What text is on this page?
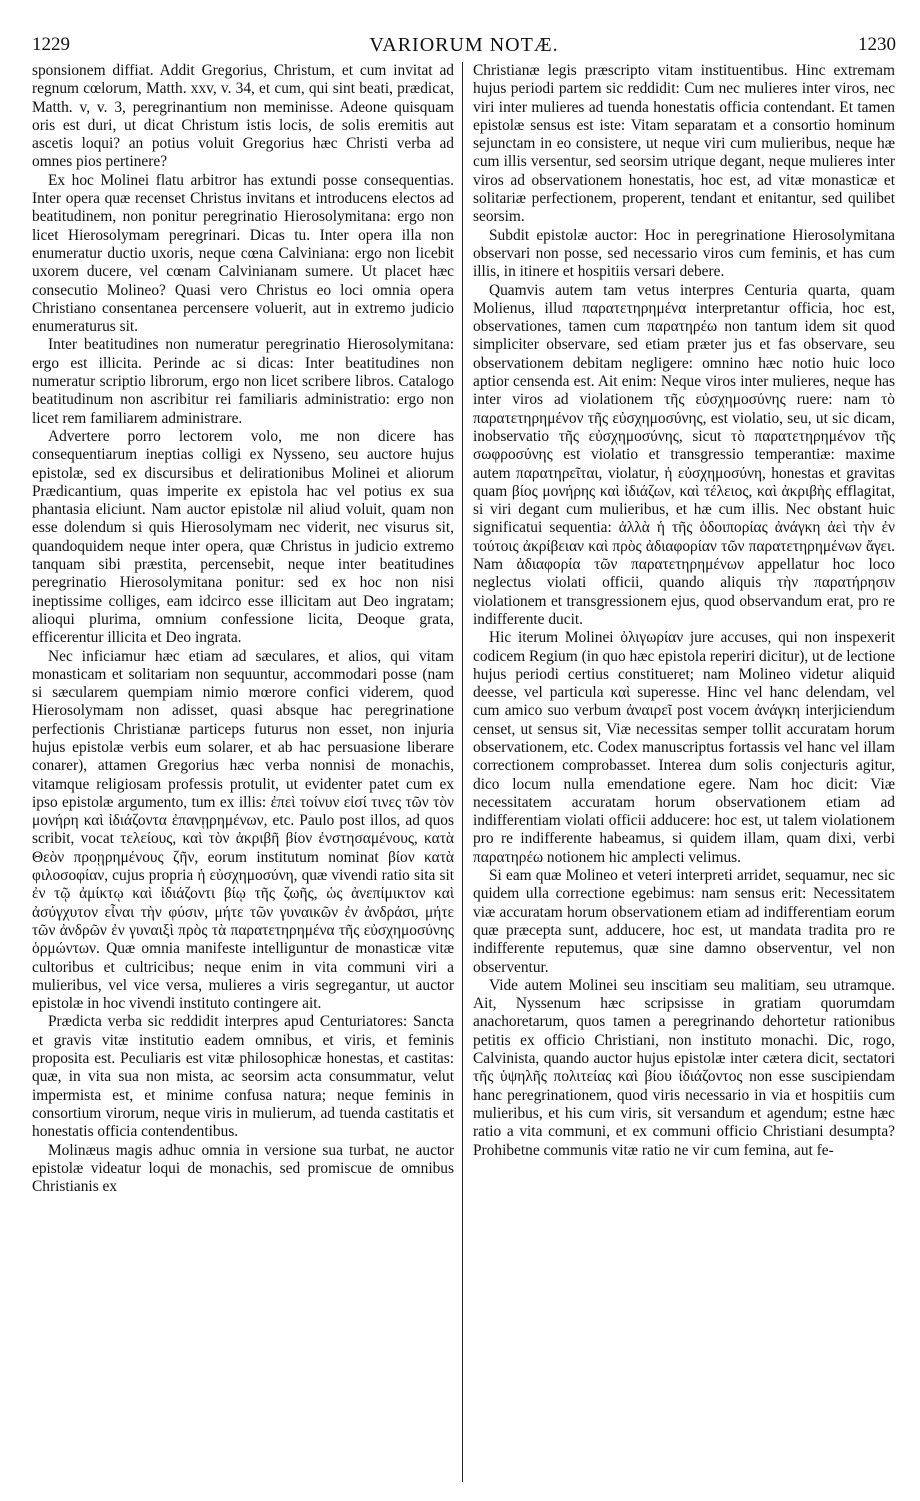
1229	VARIORUM NOTÆ.	1230

sponsionem diffiat. Addit Gregorius, Christum, et cum invitat ad regnum cœlorum, Matth. xxv, v. 34, et cum, qui sint beati, prædicat, Matth. v, v. 3, peregrinantium non meminisse. Adeone quisquam oris est duri, ut dicat Christum istis locis, de solis eremitis aut ascetis loqui? an potius voluit Gregorius hæc Christi verba ad omnes pios pertinere?

Ex hoc Molinei flatu arbitror has extundi posse consequentias. Inter opera quæ recenset Christus invitans et introducens electos ad beatitudinem, non ponitur peregrinatio Hierosolymitana: ergo non licet Hierosolymam peregrinari. Dicas tu. Inter opera illa non enumeratur ductio uxoris, neque cœna Calviniana: ergo non licebit uxorem ducere, vel cœnam Calvinianam sumere. Ut placet hæc consecutio Molineo? Quasi vero Christus eo loci omnia opera Christiano consentanea percensere voluerit, aut in extremo judicio enumeraturus sit.

Inter beatitudines non numeratur peregrinatio Hierosolymitana: ergo est illicita. Perinde ac si dicas: Inter beatitudines non numeratur scriptio librorum, ergo non licet scribere libros. Catalogo beatitudinum non ascribitur rei familiaris administratio: ergo non licet rem familiarem administrare.

Advertere porro lectorem volo, me non dicere has consequentiarum ineptias colligi ex Nysseno, seu auctore hujus epistolæ, sed ex discursibus et delirationibus Molinei et aliorum Prædicantium, quas imperite ex epistola hac vel potius ex sua phantasia eliciunt. Nam auctor epistolæ nil aliud voluit, quam non esse dolendum si quis Hierosolymam nec viderit, nec visurus sit, quandoquidem neque inter opera, quæ Christus in judicio extremo tanquam sibi præstita, percensebit, neque inter beatitudines peregrinatio Hierosolymitana ponitur: sed ex hoc non nisi ineptissime colliges, eam idcirco esse illicitam aut Deo ingratam; alioqui plurima, omnium confessione licita, Deoque grata, efficerentur illicita et Deo ingrata.

Nec inficiamur hæc etiam ad sæculares, et alios, qui vitam monasticam et solitariam non sequuntur, accommodari posse (nam si sæcularem quempiam nimio mœrore confici viderem, quod Hierosolymam non adisset, quasi absque hac peregrinatione perfectionis Christianæ particeps futurus non esset, non injuria hujus epistolæ verbis eum solarer, et ab hac persuasione liberare conarer), attamen Gregorius hæc verba nonnisi de monachis, vitamque religiosam professis protulit, ut evidenter patet cum ex ipso epistolæ argumento, tum ex illis: ἐπεὶ τοίνυν εἰσί τινες τῶν τὸν μονήρη καὶ ἰδιάζοντα ἐπανῃρημένων, etc. Paulo post illos, ad quos scribit, vocat τελείους, καὶ τὸν ἀκριβῆ βίον ἐνστησαμένους, κατὰ Θεὸν προῃρημένους ζῆν, eorum institutum nominat βίον κατὰ φιλοσοφίαν, cujus propria ἡ εὐσχημοσύνη, quæ vivendi ratio sita sit ἐν τῷ ἀμίκτῳ καὶ ἰδιάζοντι βίῳ τῆς ζωῆς, ὡς ἀνεπίμικτον καὶ ἀσύγχυτον εἶναι τὴν φύσιν, μήτε τῶν γυναικῶν ἐν ἀνδράσι, μήτε τῶν ἀνδρῶν ἐν γυναιξὶ πρὸς τὰ παρατετηρημένα τῆς εὐσχημοσύνης ὁρμώντων. Quæ omnia manifeste intelliguntur de monasticæ vitæ cultoribus et cultricibus; neque enim in vita communi viri a mulieribus, vel vice versa, mulieres a viris segregantur, ut auctor epistolæ in hoc vivendi instituto contingere ait.

Prædicta verba sic reddidit interpres apud Centuriatores: Sancta et gravis vitæ institutio eadem omnibus, et viris, et feminis proposita est. Peculiaris est vitæ philosophicæ honestas, et castitas: quæ, in vita sua non mista, ac seorsim acta consummatur, velut impermista est, et minime confusa natura; neque feminis in consortium virorum, neque viris in mulierum, ad tuenda castitatis et honestatis officia contendentibus.

Molinæus magis adhuc omnia in versione sua turbat, ne auctor epistolæ videatur loqui de monachis, sed promiscue de omnibus Christianis ex

Christianæ legis præscripto vitam instituentibus. Hinc extremam hujus periodi partem sic reddidit: Cum nec mulieres inter viros, nec viri inter mulieres ad tuenda honestatis officia contendant. Et tamen epistolæ sensus est iste: Vitam separatam et a consortio hominum sejunctam in eo consistere, ut neque viri cum mulieribus, neque hæ cum illis versentur, sed seorsim utrique degant, neque mulieres inter viros ad observationem honestatis, hoc est, ad vitæ monasticæ et solitariæ perfectionem, properent, tendant et enitantur, sed quilibet seorsim.

Subdit epistolæ auctor: Hoc in peregrinatione Hierosolymitana observari non posse, sed necessario viros cum feminis, et has cum illis, in itinere et hospitiis versari debere.

Quamvis autem tam vetus interpres Centuria quarta, quam Molienus, illud παρατετηρημένα interpretantur officia, hoc est, observationes, tamen cum παρατηρέω non tantum idem sit quod simpliciter observare, sed etiam præter jus et fas observare, seu observationem debitam negligere: omnino hæc notio huic loco aptior censenda est. Ait enim: Neque viros inter mulieres, neque has inter viros ad violationem τῆς εὐσχημοσύνης ruere: nam τὸ παρατετηρημένον τῆς εὐσχημοσύνης, est violatio, seu, ut sic dicam, inobservatio τῆς εὐσχημοσύνης, sicut τὸ παρατετηρημένον τῆς σωφροσύνης est violatio et transgressio temperantiæ: maxime autem παρατηρεῖται, violatur, ἡ εὐσχημοσύνη, honestas et gravitas quam βίος μονήρης καὶ ἰδιάζων, καὶ τέλειος, καὶ ἀκριβὴς efflagitat, si viri degant cum mulieribus, et hæ cum illis. Nec obstant huic significatui sequentia: ἀλλὰ ἡ τῆς ὁδοιπορίας ἀνάγκη ἀεὶ τὴν ἐν τούτοις ἀκρίβειαν καὶ πρὸς ἀδιαφορίαν τῶν παρατετηρημένων ἄγει. Nam ἀδιαφορία τῶν παρατετηρημένων appellatur hoc loco neglectus violati officii, quando aliquis τὴν παρατήρησιν violationem et transgressionem ejus, quod observandum erat, pro re indifferente ducit.

Hic iterum Molinei ὀλιγωρίαν jure accuses, qui non inspexerit codicem Regium (in quo hæc epistola reperiri dicitur), ut de lectione hujus periodi certius constitueret; nam Molineo videtur aliquid deesse, vel particula καὶ superesse. Hinc vel hanc delendam, vel cum amico suo verbum ἀναιρεῖ post vocem ἀνάγκη interjiciendum censet, ut sensus sit, Viæ necessitas semper tollit accuratam horum observationem, etc. Codex manuscriptus fortassis vel hanc vel illam correctionem comprobasset. Interea dum solis conjecturis agitur, dico locum nulla emendatione egere. Nam hoc dicit: Viæ necessitatem accuratam horum observationem etiam ad indifferentiam violati officii adducere: hoc est, ut talem violationem pro re indifferente habeamus, si quidem illam, quam dixi, verbi παρατηρέω notionem hic amplecti velimus.

Si eam quæ Molineo et veteri interpreti arridet, sequamur, nec sic quidem ulla correctione egebimus: nam sensus erit: Necessitatem viæ accuratam horum observationem etiam ad indifferentiam eorum quæ præcepta sunt, adducere, hoc est, ut mandata tradita pro re indifferente reputemus, quæ sine damno observentur, vel non observentur.

Vide autem Molinei seu inscitiam seu malitiam, seu utramque. Ait, Nyssenum hæc scripsisse in gratiam quorumdam anachoretarum, quos tamen a peregrinando dehortetur rationibus petitis ex officio Christiani, non instituto monachi. Dic, rogo, Calvinista, quando auctor hujus epistolæ inter cætera dicit, sectatori τῆς ὑψηλῆς πολιτείας καὶ βίου ἰδιάζοντος non esse suscipiendam hanc peregrinationem, quod viris necessario in via et hospitiis cum mulieribus, et his cum viris, sit versandum et agendum; estne hæc ratio a vita communi, et ex communi officio Christiani desumpta? Prohibetne communis vitæ ratio ne vir cum femina, aut fe-
